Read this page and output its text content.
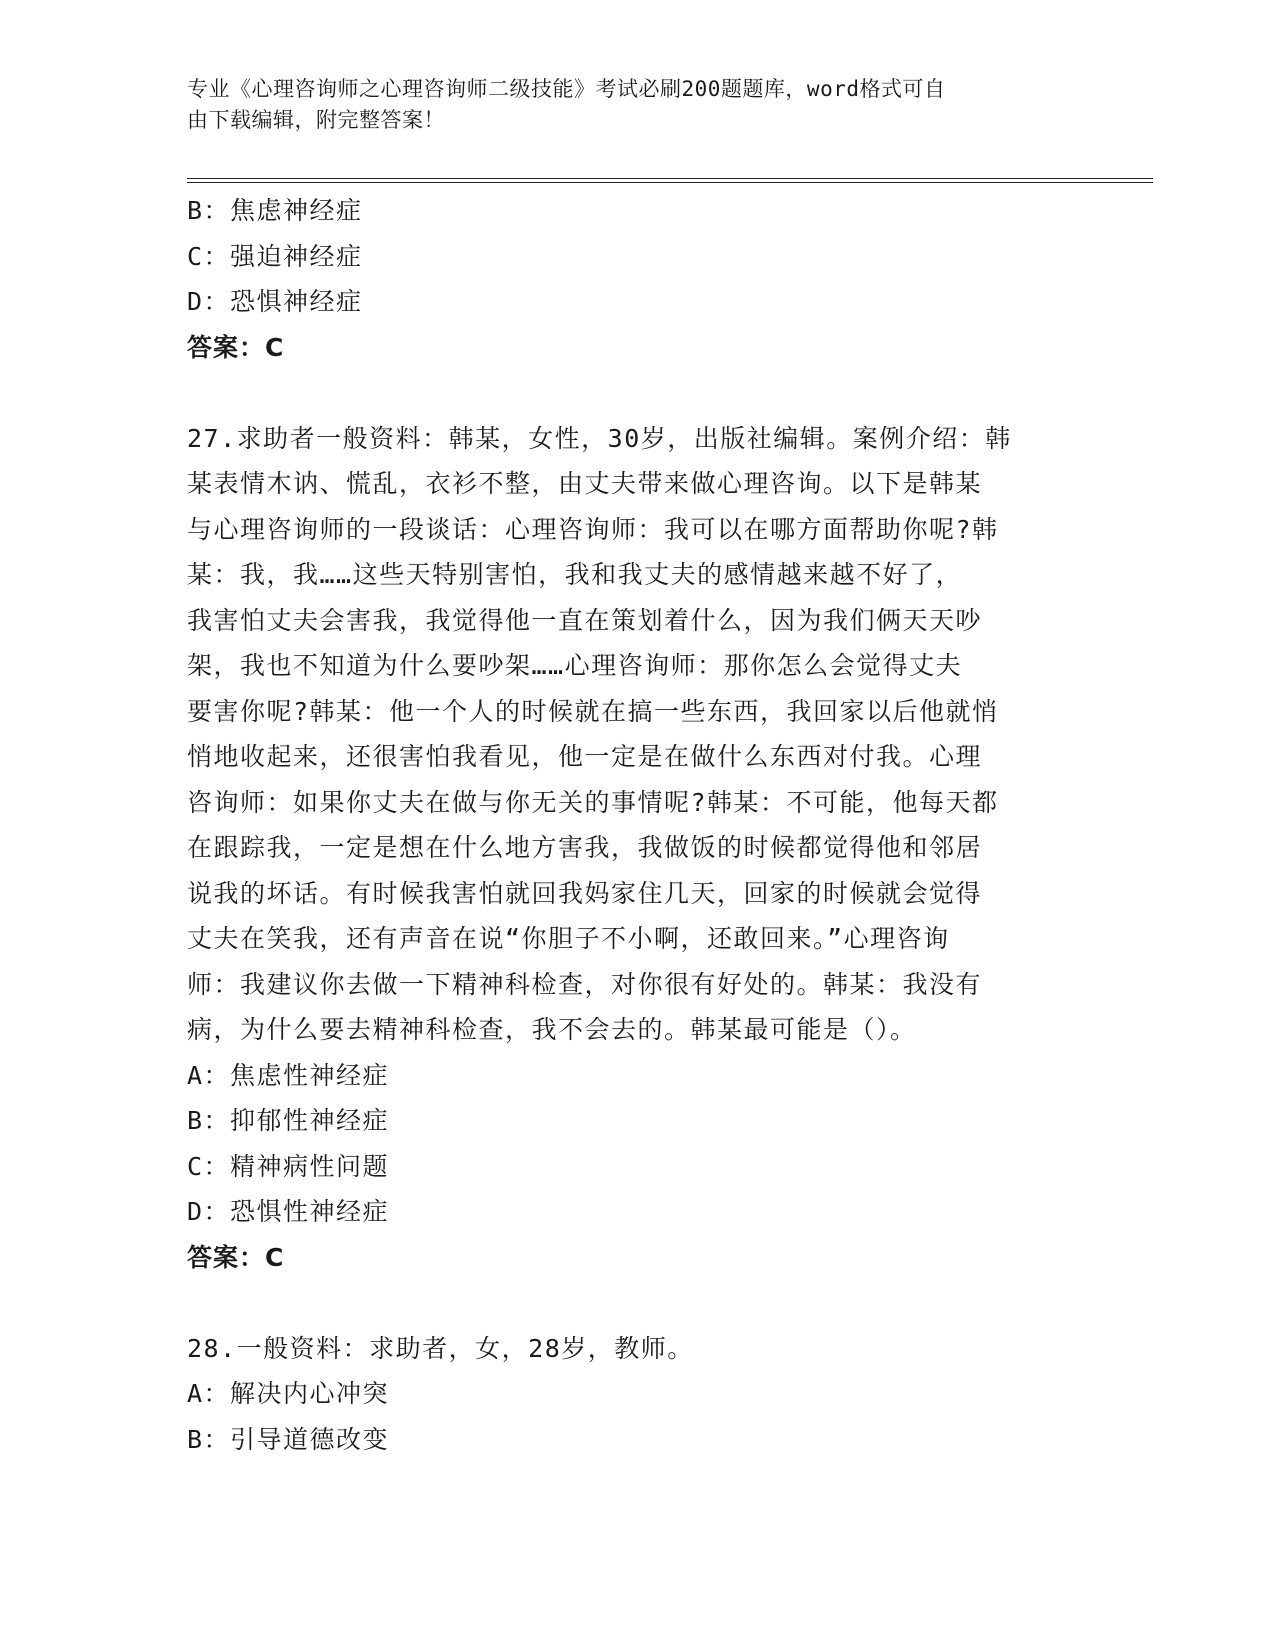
专业《心理咨询师之心理咨询师二级技能》考试必刷200题题库，word格式可自
由下载编辑，附完整答案！
B：焦虑神经症
C：强迫神经症
D：恐惧神经症
答案：C
27.求助者一般资料：韩某，女性，30岁，出版社编辑。案例介绍：韩
某表情木讷、慌乱，衣衫不整，由丈夫带来做心理咨询。以下是韩某
与心理咨询师的一段谈话：心理咨询师：我可以在哪方面帮助你呢?韩
某：我，我……这些天特别害怕，我和我丈夫的感情越来越不好了，
我害怕丈夫会害我，我觉得他一直在策划着什么，因为我们俩天天吵
架，我也不知道为什么要吵架……心理咨询师：那你怎么会觉得丈夫
要害你呢?韩某：他一个人的时候就在搞一些东西，我回家以后他就悄
悄地收起来，还很害怕我看见，他一定是在做什么东西对付我。心理
咨询师：如果你丈夫在做与你无关的事情呢?韩某：不可能，他每天都
在跟踪我，一定是想在什么地方害我，我做饭的时候都觉得他和邻居
说我的坏话。有时候我害怕就回我妈家住几天，回家的时候就会觉得
丈夫在笑我，还有声音在说“你胆子不小啊，还敢回来。”心理咨询
师：我建议你去做一下精神科检查，对你很有好处的。韩某：我没有
病，为什么要去精神科检查，我不会去的。韩某最可能是（）。
A：焦虑性神经症
B：抑郁性神经症
C：精神病性问题
D：恐惧性神经症
答案：C
28.一般资料：求助者，女，28岁，教师。
A：解决内心冲突
B：引导道德改变
